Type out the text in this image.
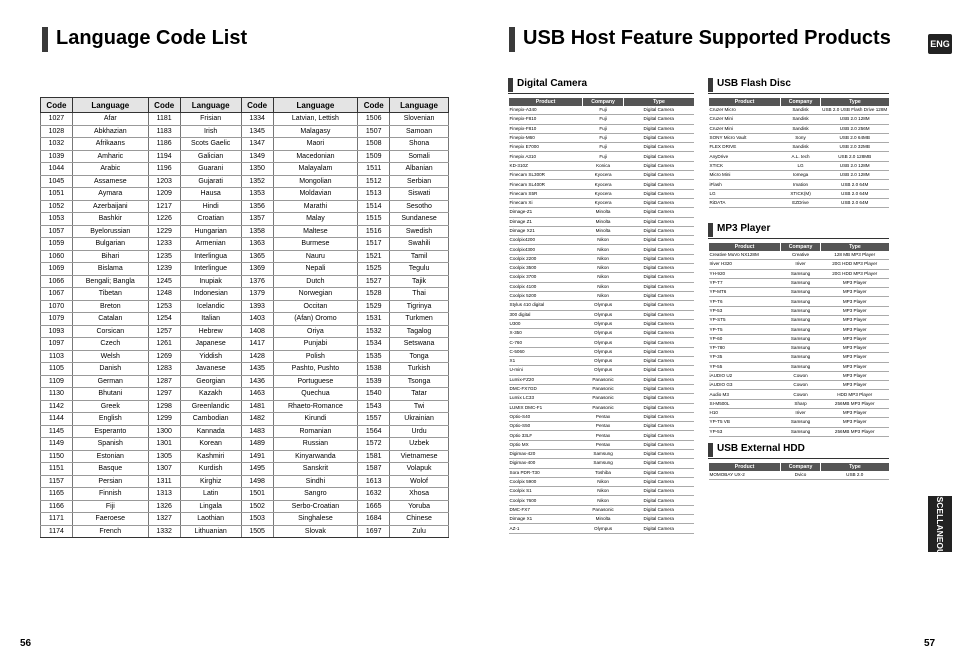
Language Code List
Code	Language	Code	Language	Code	Language	Code	Language
1027	Afar	1181	Frisian	1334	Latvian, Lettish	1506	Slovenian
1028	Abkhazian	1183	Irish	1345	Malagasy	1507	Samoan
1032	Afrikaans	1186	Scots Gaelic	1347	Maori	1508	Shona
1039	Amharic	1194	Galician	1349	Macedonian	1509	Somali
1044	Arabic	1196	Guarani	1350	Malayalam	1511	Albanian
1045	Assamese	1203	Gujarati	1352	Mongolian	1512	Serbian
1051	Aymara	1209	Hausa	1353	Moldavian	1513	Siswati
1052	Azerbaijani	1217	Hindi	1356	Marathi	1514	Sesotho
1053	Bashkir	1226	Croatian	1357	Malay	1515	Sundanese
1057	Byelorussian	1229	Hungarian	1358	Maltese	1516	Swedish
1059	Bulgarian	1233	Armenian	1363	Burmese	1517	Swahili
1060	Bihari	1235	Interlingua	1365	Nauru	1521	Tamil
1069	Bislama	1239	Interlingue	1369	Nepali	1525	Tegulu
1066	Bengali; Bangla	1245	Inupiak	1376	Dutch	1527	Tajik
1067	Tibetan	1248	Indonesian	1379	Norwegian	1528	Thai
1070	Breton	1253	Icelandic	1393	Occitan	1529	Tigrinya
1079	Catalan	1254	Italian	1403	(Afan) Oromo	1531	Turkmen
1093	Corsican	1257	Hebrew	1408	Oriya	1532	Tagalog
1097	Czech	1261	Japanese	1417	Punjabi	1534	Setswana
1103	Welsh	1269	Yiddish	1428	Polish	1535	Tonga
1105	Danish	1283	Javanese	1435	Pashto, Pushto	1538	Turkish
1109	German	1287	Georgian	1436	Portuguese	1539	Tsonga
1130	Bhutani	1297	Kazakh	1463	Quechua	1540	Tatar
1142	Greek	1298	Greenlandic	1481	Rhaeto-Romance	1543	Twi
1144	English	1299	Cambodian	1482	Kirundi	1557	Ukrainian
1145	Esperanto	1300	Kannada	1483	Romanian	1564	Urdu
1149	Spanish	1301	Korean	1489	Russian	1572	Uzbek
1150	Estonian	1305	Kashmiri	1491	Kinyarwanda	1581	Vietnamese
1151	Basque	1307	Kurdish	1495	Sanskrit	1587	Volapuk
1157	Persian	1311	Kirghiz	1498	Sindhi	1613	Wolof
1165	Finnish	1313	Latin	1501	Sangro	1632	Xhosa
1166	Fiji	1326	Lingala	1502	Serbo-Croatian	1665	Yoruba
1171	Faeroese	1327	Laothian	1503	Singhalese	1684	Chinese
1174	French	1332	Lithuanian	1505	Slovak	1697	Zulu
56
USB Host Feature Supported Products	ENG
Digital Camera
Product	Company	Type
Finepix-A340	Fuji	Digital Camera
Finepix-F810	Fuji	Digital Camera
Finepix-F810	Fuji	Digital Camera
Finepix-M60	Fuji	Digital Camera
Finepix E7000	Fuji	Digital Camera
Finepix A310	Fuji	Digital Camera
KD-310Z	Konica	Digital Camera
Finecam SL300R	Kyocera	Digital Camera
Finecam SL400R	Kyocera	Digital Camera
Finecam S5R	Kyocera	Digital Camera
Finecam Xi	Kyocera	Digital Camera
Dimage-Z1	Minolta	Digital Camera
Dimage Z1	Minolta	Digital Camera
Dimage X21	Minolta	Digital Camera
Coolpix4200	Nikon	Digital Camera
Coolpix4300	Nikon	Digital Camera
Coolpix 2200	Nikon	Digital Camera
Coolpix 3500	Nikon	Digital Camera
Coolpix 3700	Nikon	Digital Camera
Coolpix 4100	Nikon	Digital Camera
Coolpix 5200	Nikon	Digital Camera
Stylus 410 digital	Olympus	Digital Camera
300 digital	Olympus	Digital Camera
U300	Olympus	Digital Camera
X-350	Olympus	Digital Camera
C-760	Olympus	Digital Camera
C-5060	Olympus	Digital Camera
X1	Olympus	Digital Camera
U-mini	Olympus	Digital Camera
Lumix-FZ20	Panasonic	Digital Camera
DMC-FX7GD	Panasonic	Digital Camera
Lumix LC33	Panasonic	Digital Camera
LUMIX DMC-F1	Panasonic	Digital Camera
Optio-S40	Pentax	Digital Camera
Optio-S50	Pentax	Digital Camera
Optio 33LF	Pentax	Digital Camera
Optio MX	Pentax	Digital Camera
Digimax-420	Samsung	Digital Camera
Digimax-400	Samsung	Digital Camera
Sora PDR-T30	Toshiba	Digital Camera
Coolpix 5900	Nikon	Digital Camera
Coolpix S1	Nikon	Digital Camera
Coolpix 7600	Nikon	Digital Camera
DMC-FX7	Panasonic	Digital Camera
Dimage X1	Minolta	Digital Camera
AZ-1	Olympus	Digital Camera
USB Flash Disc
Product	Company	Type
Cruzer Micro	Sandisk	USB 2.0 USB Flash Drive 128M
Cruzer Mini	Sandisk	USB 2.0 128M
Cruzer Mini	Sandisk	USB 2.0 256M
SONY Micro Vault	Sony	USB 2.0 64MB
FLEX DRIVE	Sandisk	USB 2.0 32MB
AnyDrive	A.L. tech	USB 2.0 128MB
XTICK	LG	USB 2.0 128M
Micro Mini	Iomega	USB 2.0 128M
iFlash	Imation	USB 2.0 64M
LG	XTICK(M)	USB 2.0 64M
RiDATA	EZDrive	USB 2.0 64M
MP3 Player
Product	Company	Type
Creative MuVo NX128M	Creative	128 MB MP3 Player
Iriver H320	Iriver	20G HDD MP3 Player
YH-920	Samsung	20G HDD MP3 Player
YP-T7	Samsung	MP3 Player
YP-MT6	Samsung	MP3 Player
YP-T6	Samsung	MP3 Player
YP-53	Samsung	MP3 Player
YP-ST5	Samsung	MP3 Player
YP-T5	Samsung	MP3 Player
YP-60	Samsung	MP3 Player
YP-780	Samsung	MP3 Player
YP-35	Samsung	MP3 Player
YP-55	Samsung	MP3 Player
iAUDIO U2	Cowon	MP3 Player
iAUDIO G3	Cowon	MP3 Player
Audio M3	Cowon	HDD MP3 Player
SI-M500L	Sharp	256MB MP3 Player
H10	Iriver	MP3 Player
YP-T5 VB	Samsung	MP3 Player
YP-53	Samsung	256MB MP3 Player
USB External HDD
Product	Company	Type
MOMOBAY UX-2	Dvico	USB 2.0
MISCELLANEOUS
57
